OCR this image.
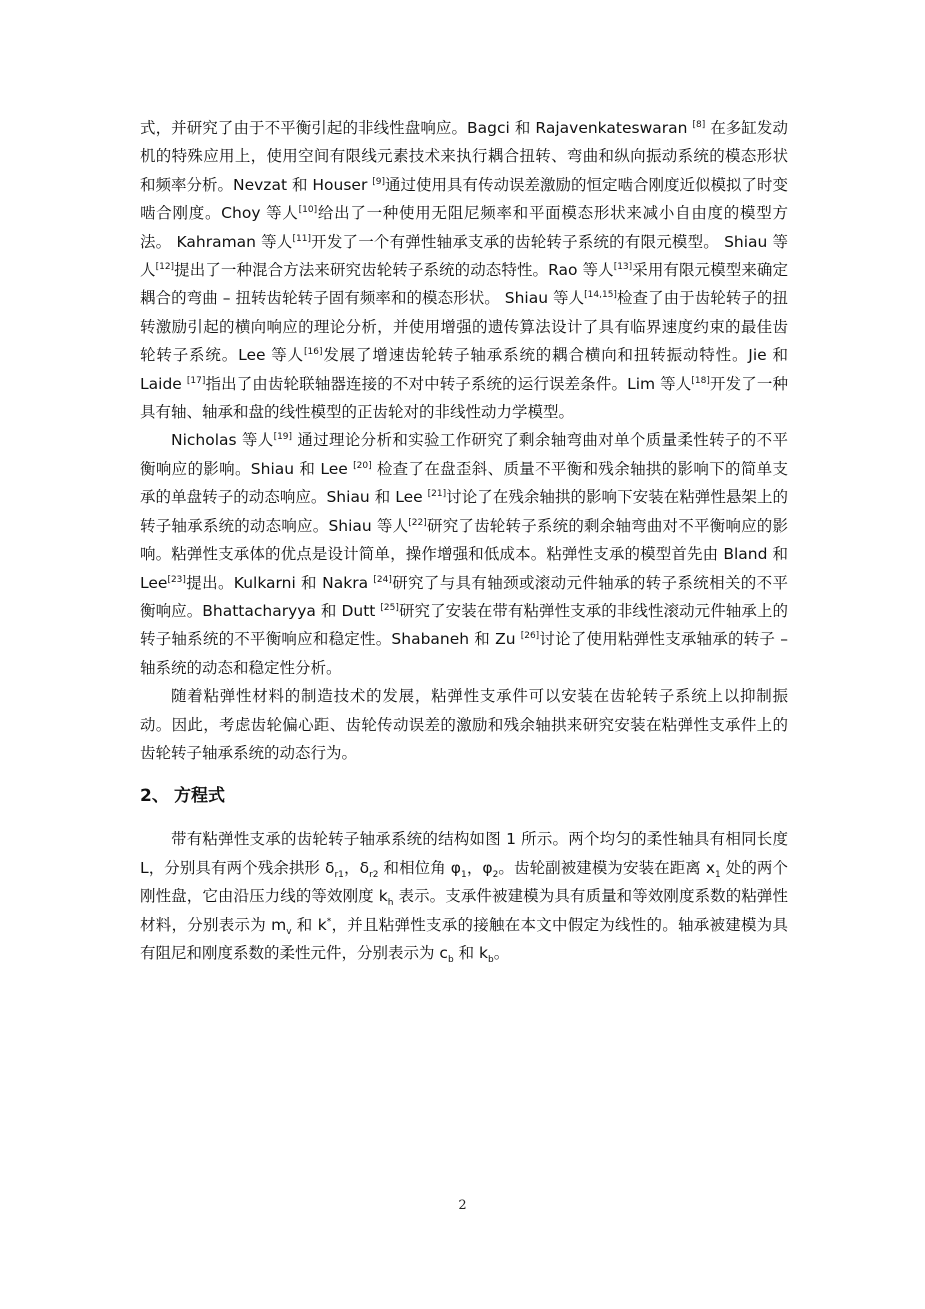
式，并研究了由于不平衡引起的非线性盘响应。Bagci 和 Rajavenkateswaran [8] 在多缸发动机的特殊应用上，使用空间有限线元素技术来执行耦合扭转、弯曲和纵向振动系统的模态形状和频率分析。Nevzat 和 Houser [9]通过使用具有传动误差激励的恒定啮合刚度近似模拟了时变啮合刚度。Choy 等人[10]给出了一种使用无阻尼频率和平面模态形状来减小自由度的模型方法。 Kahraman 等人[11]开发了一个有弹性轴承支承的齿轮转子系统的有限元模型。 Shiau 等人[12]提出了一种混合方法来研究齿轮转子系统的动态特性。Rao 等人[13]采用有限元模型来确定耦合的弯曲 – 扭转齿轮转子固有频率和的模态形状。 Shiau 等人[14,15]检查了由于齿轮转子的扭转激励引起的横向响应的理论分析，并使用增强的遗传算法设计了具有临界速度约束的最佳齿轮转子系统。Lee 等人[16]发展了增速齿轮转子轴承系统的耦合横向和扭转振动特性。Jie 和 Laide [17]指出了由齿轮联轴器连接的不对中转子系统的运行误差条件。Lim 等人[18]开发了一种具有轴、轴承和盘的线性模型的正齿轮对的非线性动力学模型。

Nicholas 等人[19] 通过理论分析和实验工作研究了剩余轴弯曲对单个质量柔性转子的不平衡响应的影响。Shiau 和 Lee [20] 检查了在盘歪斜、质量不平衡和残余轴拱的影响下的简单支承的单盘转子的动态响应。Shiau 和 Lee [21]讨论了在残余轴拱的影响下安装在粘弹性悬架上的转子轴承系统的动态响应。Shiau 等人[22]研究了齿轮转子系统的剩余轴弯曲对不平衡响应的影响。粘弹性支承体的优点是设计简单，操作增强和低成本。粘弹性支承的模型首先由 Bland 和 Lee[23]提出。Kulkarni 和 Nakra [24]研究了与具有轴颈或滚动元件轴承的转子系统相关的不平衡响应。Bhattacharyya 和 Dutt [25]研究了安装在带有粘弹性支承的非线性滚动元件轴承上的转子轴系统的不平衡响应和稳定性。Shabaneh 和 Zu [26]讨论了使用粘弹性支承轴承的转子 – 轴系统的动态和稳定性分析。

随着粘弹性材料的制造技术的发展，粘弹性支承件可以安装在齿轮转子系统上以抑制振动。因此，考虑齿轮偏心距、齿轮传动误差的激励和残余轴拱来研究安装在粘弹性支承件上的齿轮转子轴承系统的动态行为。

2、 方程式

带有粘弹性支承的齿轮转子轴承系统的结构如图 1 所示。两个均匀的柔性轴具有相同长度 L，分别具有两个残余拱形 $\delta_{r1}$，$\delta_{r2}$ 和相位角 $\varphi_1$，$\varphi_2$。齿轮副被建模为安装在距离 $x_1$ 处的两个刚性盘，它由沿压力线的等效刚度 $k_h$ 表示。支承件被建模为具有质量和等效刚度系数的粘弹性材料，分别表示为 $m_v$ 和 k*，并且粘弹性支承的接触在本文中假定为线性的。轴承被建模为具有阻尼和刚度系数的柔性元件，分别表示为 $c_b$ 和 $k_b$。

2
